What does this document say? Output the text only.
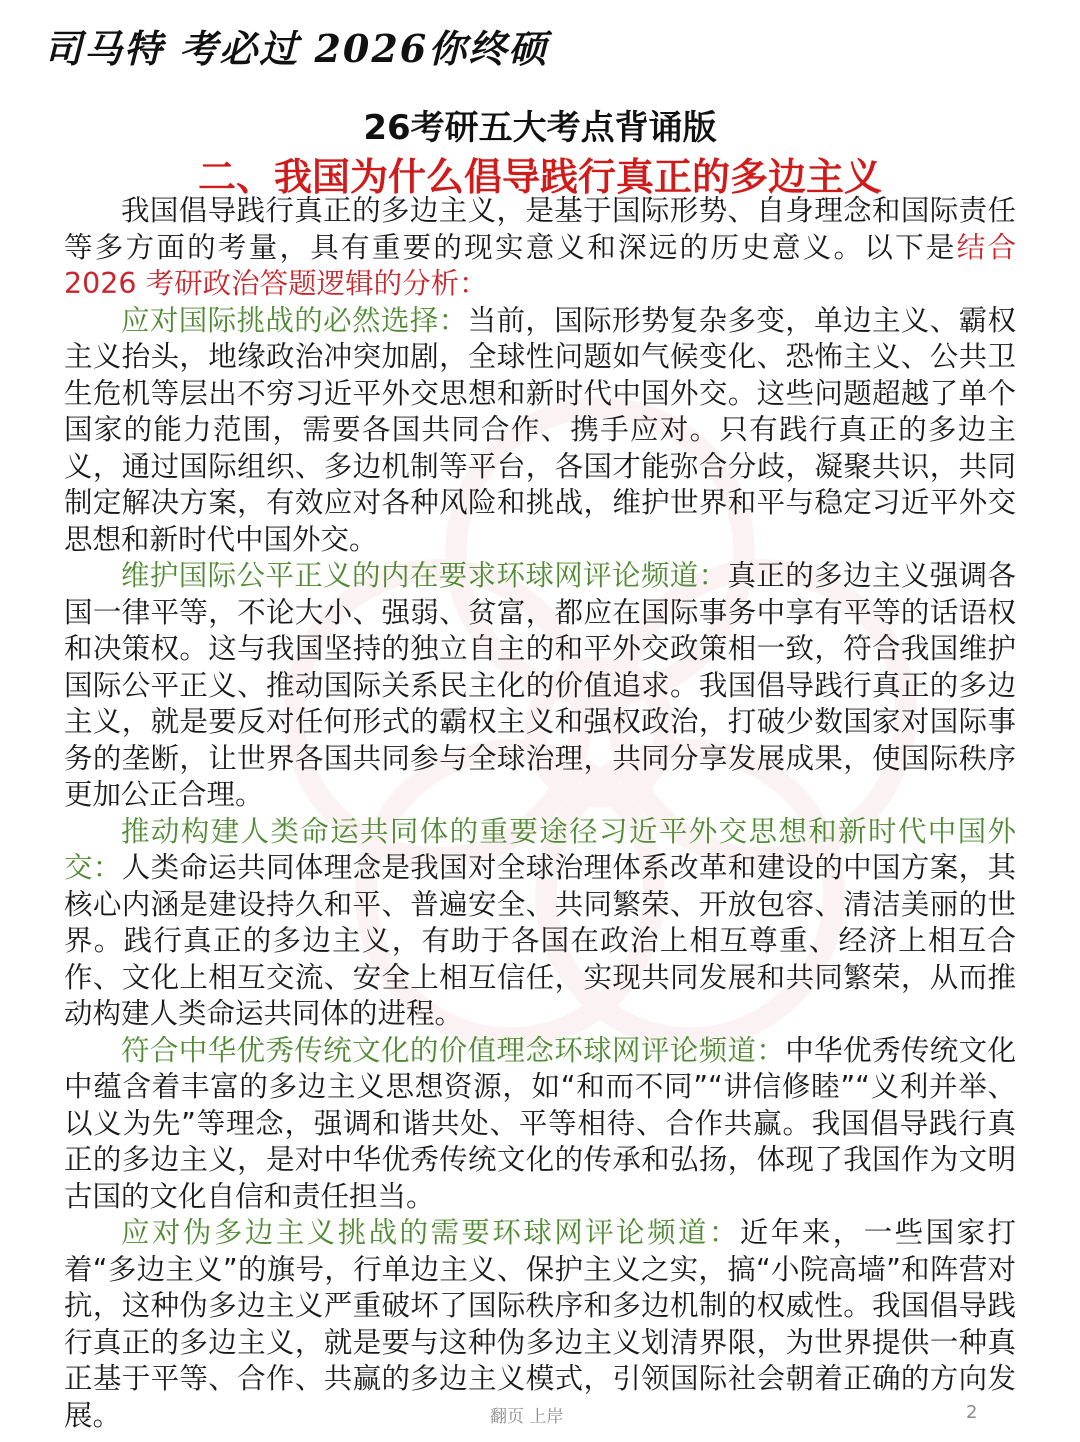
司马特 考必过 2026你终硕
26考研五大考点背诵版
二、我国为什么倡导践行真正的多边主义

我国倡导践行真正的多边主义，是基于国际形势、自身理念和国际责任等多方面的考量，具有重要的现实意义和深远的历史意义。以下是结合 2026 考研政治答题逻辑的分析：

应对国际挑战的必然选择：当前，国际形势复杂多变，单边主义、霸权主义抬头，地缘政治冲突加剧，全球性问题如气候变化、恐怖主义、公共卫生危机等层出不穷习近平外交思想和新时代中国外交。这些问题超越了单个国家的能力范围，需要各国共同合作、携手应对。只有践行真正的多边主义，通过国际组织、多边机制等平台，各国才能弥合分歧，凝聚共识，共同制定解决方案，有效应对各种风险和挑战，维护世界和平与稳定习近平外交思想和新时代中国外交。

维护国际公平正义的内在要求环球网评论频道：真正的多边主义强调各国一律平等，不论大小、强弱、贫富，都应在国际事务中享有平等的话语权和决策权。这与我国坚持的独立自主的和平外交政策相一致，符合我国维护国际公平正义、推动国际关系民主化的价值追求。我国倡导践行真正的多边主义，就是要反对任何形式的霸权主义和强权政治，打破少数国家对国际事务的垄断，让世界各国共同参与全球治理，共同分享发展成果，使国际秩序更加公正合理。

推动构建人类命运共同体的重要途径习近平外交思想和新时代中国外交：人类命运共同体理念是我国对全球治理体系改革和建设的中国方案，其核心内涵是建设持久和平、普遍安全、共同繁荣、开放包容、清洁美丽的世界。践行真正的多边主义，有助于各国在政治上相互尊重、经济上相互合作、文化上相互交流、安全上相互信任，实现共同发展和共同繁荣，从而推动构建人类命运共同体的进程。

符合中华优秀传统文化的价值理念环球网评论频道：中华优秀传统文化中蕴含着丰富的多边主义思想资源，如“和而不同”“讲信修睦”“义利并举、以义为先”等理念，强调和谐共处、平等相待、合作共赢。我国倡导践行真正的多边主义，是对中华优秀传统文化的传承和弘扬，体现了我国作为文明古国的文化自信和责任担当。

应对伪多边主义挑战的需要环球网评论频道：近年来，一些国家打着“多边主义”的旗号，行单边主义、保护主义之实，搞“小院高墙”和阵营对抗，这种伪多边主义严重破坏了国际秩序和多边机制的权威性。我国倡导践行真正的多边主义，就是要与这种伪多边主义划清界限，为世界提供一种真正基于平等、合作、共赢的多边主义模式，引领国际社会朝着正确的方向发展。	翻页 上岸	2
